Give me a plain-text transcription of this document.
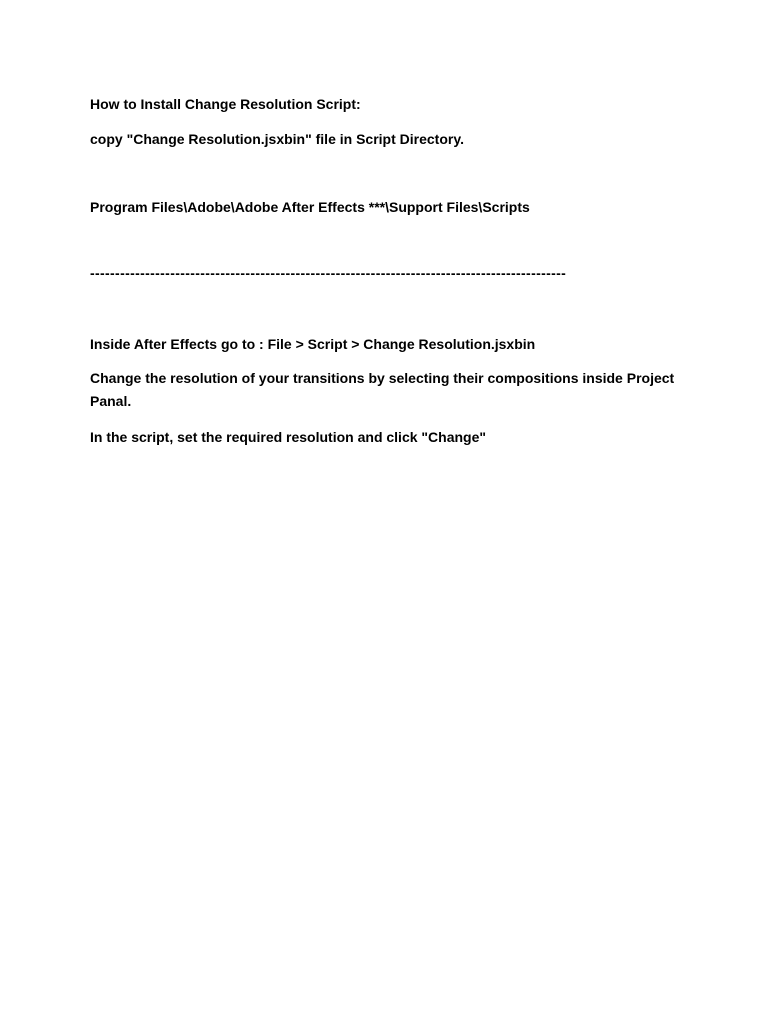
How to Install Change Resolution Script:

copy "Change Resolution.jsxbin" file in Script Directory.

Program Files\Adobe\Adobe After Effects ***\Support Files\Scripts

-----------------------------------------------------------------------------------------------

Inside After Effects go to : File > Script > Change Resolution.jsxbin

Change the resolution of your transitions by selecting their compositions inside Project Panal.

In the script, set the required resolution and click "Change"
